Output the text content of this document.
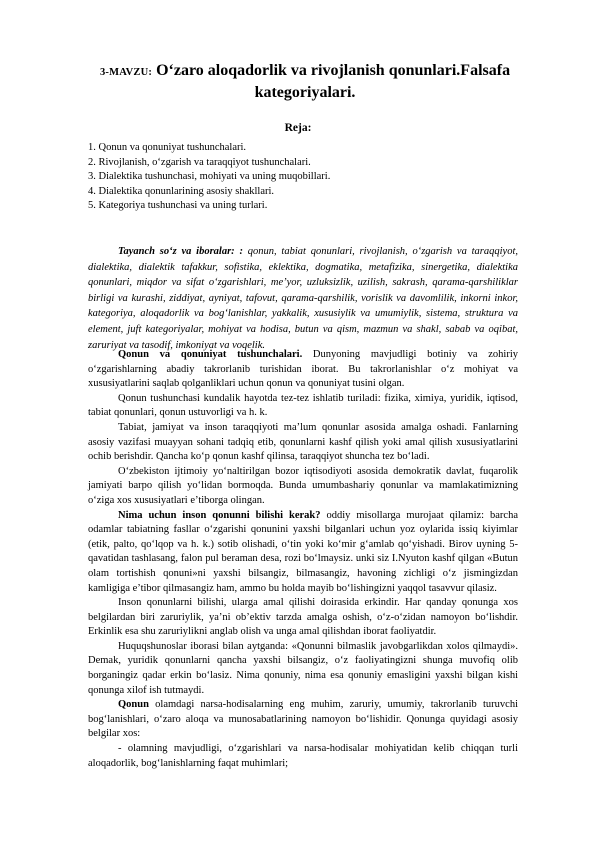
3-MAVZU: O‘zaro aloqadorlik va rivojlanish qonunlari.Falsafa kategoriyalari.
Reja:
1. Qonun va qonuniyat tushunchalari.
2. Rivojlanish, o‘zgarish va taraqqiyot tushunchalari.
3. Dialektika tushunchasi, mohiyati va uning muqobillari.
4. Dialektika qonunlarining asosiy shakllari.
5. Kategoriya tushunchasi va uning turlari.

Tayanch so‘z va iboralar: : qonun, tabiat qonunlari, rivojlanish, o‘zgarish va taraqqiyot, dialektika, dialektik tafakkur, sofistika, eklektika, dogmatika, metafizika, sinergetika, dialektika qonunlari, miqdor va sifat o‘zgarishlari, me’yor, uzluksizlik, uzilish, sakrash, qarama-qarshiliklar birligi va kurashi, ziddiyat, ayniyat, tafovut, qarama-qarshilik, vorislik va davomlilik, inkorni inkor, kategoriya, aloqadorlik va bog‘lanishlar, yakkalik, xususiylik va umumiylik, sistema, struktura va element, juft kategoriyalar, mohiyat va hodisa, butun va qism, mazmun va shakl, sabab va oqibat, zaruriyat va tasodif, imkoniyat va voqelik.

Qonun va qonuniyat tushunchalari. Dunyoning mavjudligi botiniy va zohiriy o‘zgarishlarning abadiy takrorlanib turishidan iborat. Bu takrorlanishlar o‘z mohiyat va xususiyatlarini saqlab qolganliklari uchun qonun va qonuniyat tusini olgan.

Qonun tushunchasi kundalik hayotda tez-tez ishlatib turiladi: fizika, ximiya, yuridik, iqtisod, tabiat qonunlari, qonun ustuvorligi va h. k.

Tabiat, jamiyat va inson taraqqiyoti ma’lum qonunlar asosida amalga oshadi. Fanlarning asosiy vazifasi muayyan sohani tadqiq etib, qonunlarni kashf qilish yoki amal qilish xususiyatlarini ochib berishdir. Qancha ko‘p qonun kashf qilinsa, taraqqiyot shuncha tez bo‘ladi.

O‘zbekiston ijtimoiy yo‘naltirilgan bozor iqtisodiyoti asosida demokratik davlat, fuqarolik jamiyati barpo qilish yo‘lidan bormoqda. Bunda umumbashariy qonunlar va mamlakatimizning o‘ziga xos xususiyatlari e’tiborga olingan.

Nima uchun inson qonunni bilishi kerak? oddiy misollarga murojaat qilamiz: barcha odamlar tabiatning fasllar o‘zgarishi qonunini yaxshi bilganlari uchun yoz oylarida issiq kiyimlar (etik, palto, qo‘lqop va h. k.) sotib olishadi, o‘tin yoki ko‘mir g‘amlab qo‘yishadi. Birov uyning 5-qavatidan tashlasang, falon pul beraman desa, rozi bo‘lmaysiz. unki siz I.Nyuton kashf qilgan «Butun olam tortishish qonuni»ni yaxshi bilsangiz, bilmasangiz, havoning zichligi o‘z jismingizdan kamligiga e’tibor qilmasangiz ham, ammo bu holda mayib bo‘lishingizni yaqqol tasavvur qilasiz.

Inson qonunlarni bilishi, ularga amal qilishi doirasida erkindir. Har qanday qonunga xos belgilardan biri zaruriylik, ya’ni ob’ektiv tarzda amalga oshish, o‘z-o‘zidan namoyon bo‘lishdir. Erkinlik esa shu zaruriylikni anglab olish va unga amal qilishdan iborat faoliyatdir.

Huquqshunoslar iborasi bilan aytganda: «Qonunni bilmaslik javobgarlikdan xolos qilmaydi». Demak, yuridik qonunlarni qancha yaxshi bilsangiz, o‘z faoliyatingizni shunga muvofiq olib borganingiz qadar erkin bo‘lasiz. Nima qonuniy, nima esa qonuniy emasligini yaxshi bilgan kishi qonunga xilof ish tutmaydi.

Qonun olamdagi narsa-hodisalarning eng muhim, zaruriy, umumiy, takrorlanib turuvchi bog‘lanishlari, o‘zaro aloqa va munosabatlarining namoyon bo‘lishidir. Qonunga quyidagi asosiy belgilar xos:

- olamning mavjudligi, o‘zgarishlari va narsa-hodisalar mohiyatidan kelib chiqqan turli aloqadorlik, bog‘lanishlarning faqat muhimlari;
